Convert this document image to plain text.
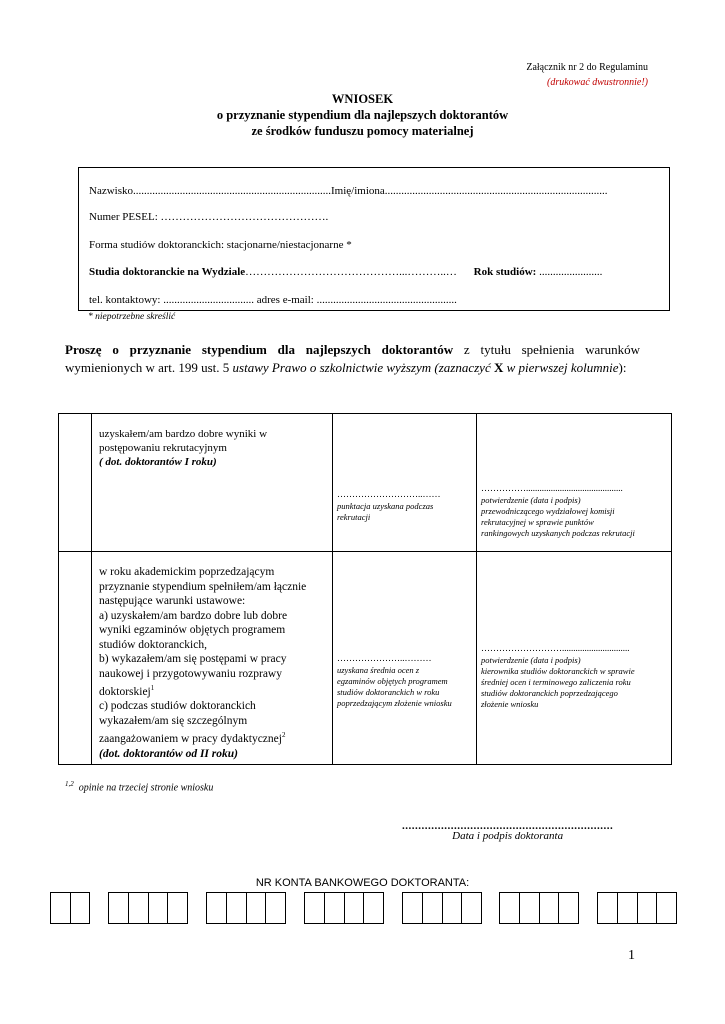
Załącznik nr 2 do Regulaminu
(drukować dwustronnie!)
WNIOSEK
o przyznanie stypendium dla najlepszych doktorantów
ze środków funduszu pomocy materialnej
Nazwisko........................................................................Imię/imiona.................................................................................
Numer PESEL: ……………………………………….
Forma studiów doktoranckich: stacjonarne/niestacjonarne *
Studia doktoranckie na Wydziale……………………………………...………..… Rok studiów: .......................
tel. kontaktowy: ................................. adres e-mail: ...................................................
* niepotrzebne skreślić
Proszę o przyznanie stypendium dla najlepszych doktorantów z tytułu spełnienia warunków wymienionych w art. 199 ust. 5 ustawy Prawo o szkolnictwie wyższym (zaznaczyć X w pierwszej kolumnie):
uzyskałem/am bardzo dobre wyniki w
postępowaniu rekrutacyjnym
( dot. doktorantów I roku)
………………………..……
punktacja uzyskana podczas
rekrutacji
……………...........................................
potwierdzenie (data i podpis)
przewodniczącego wydziałowej komisji
rekrutacyjnej w sprawie punktów
rankingowych uzyskanych podczas rekrutacji
w roku akademickim poprzedzającym
przyznanie stypendium spełniłem/am łącznie
następujące warunki ustawowe:
a) uzyskałem/am bardzo dobre lub dobre
wyniki egzaminów objętych programem
studiów doktoranckich,
b) wykazałem/am się postępami w pracy
naukowej i przygotowywaniu rozprawy
doktorskiej$^1$
c) podczas studiów doktoranckich
wykazałem/am się szczególnym
zaangażowaniem w pracy dydaktycznej$^2$
(dot. doktorantów od II roku)
…………………..………
uzyskana średnia ocen z
egzaminów objętych programem
studiów doktoranckich w roku
poprzedzającym złożenie wniosku
………………………..............................
potwierdzenie (data i podpis)
kierownika studiów doktoranckich w sprawie
średniej ocen i terminowego zaliczenia roku
studiów doktoranckich poprzedzającego
złożenie wniosku
$^{1,2}$ opinie na trzeciej stronie wniosku
.................................................................
Data i podpis doktoranta
NR KONTA BANKOWEGO DOKTORANTA:
1
